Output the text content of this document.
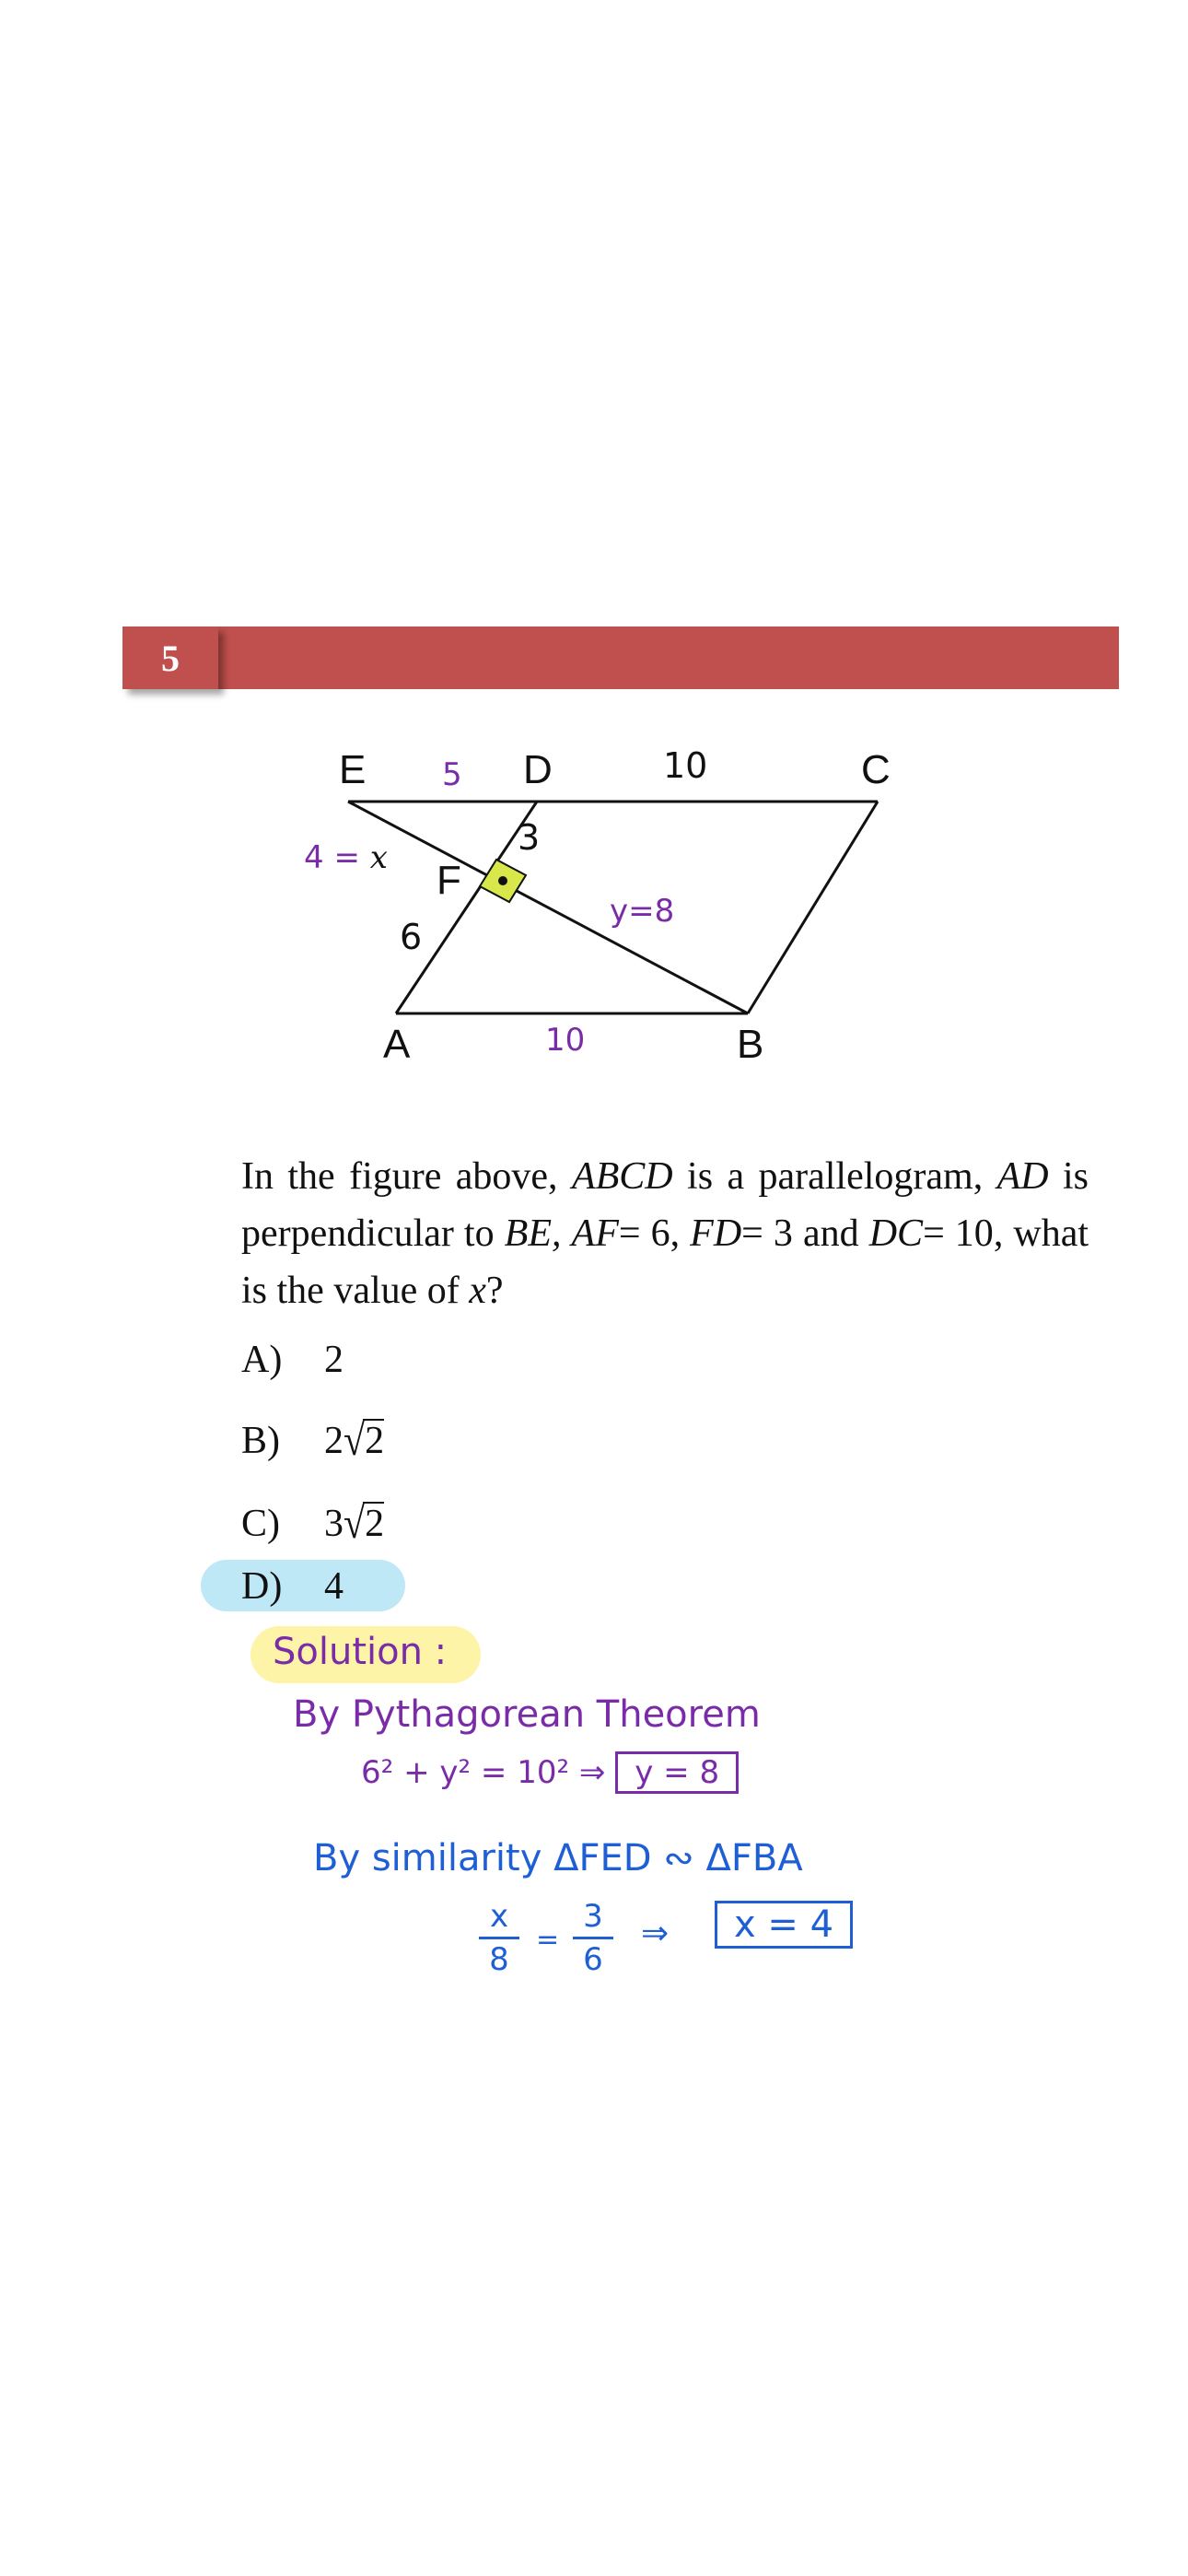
5
E	D	C
F
A	B
5	10
3
4 = x
6
y=8
10
In the figure above, ABCD is a parallelogram, AD is perpendicular to BE, AF= 6, FD= 3 and DC= 10, what is the value of x?
A) 2
B) 2√2
C) 3√2
D) 4
Solution :
By Pythagorean Theorem
6² + y² = 10² ⇒ y = 8
By similarity ΔFED ∾ ΔFBA
x
8
=
3
6
⇒	x = 4
